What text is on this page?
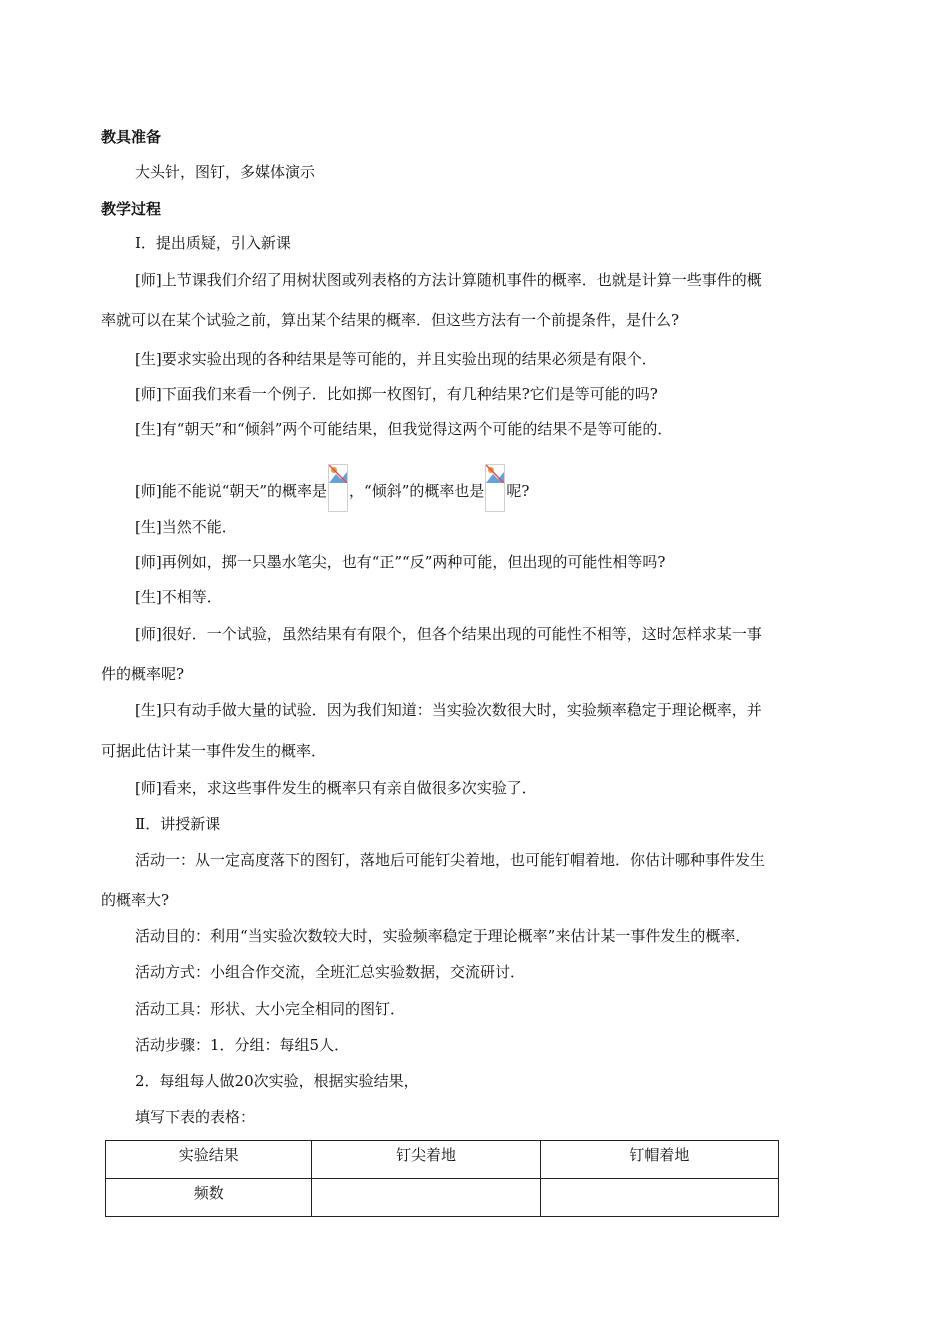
教具准备
大头针，图钉，多媒体演示
教学过程
Ⅰ．提出质疑，引入新课
[师]上节课我们介绍了用树状图或列表格的方法计算随机事件的概率．也就是计算一些事件的概
率就可以在某个试验之前，算出某个结果的概率．但这些方法有一个前提条件，是什么?
[生]要求实验出现的各种结果是等可能的，并且实验出现的结果必须是有限个．
[师]下面我们来看一个例子．比如掷一枚图钉，有几种结果?它们是等可能的吗?
[生]有“朝天”和“倾斜”两个可能结果，但我觉得这两个可能的结果不是等可能的．
[师]能不能说“朝天”的概率是 ，“倾斜”的概率也是 呢?
[生]当然不能．
[师]再例如，掷一只墨水笔尖，也有“正”“反”两种可能，但出现的可能性相等吗?
[生]不相等．
[师]很好．一个试验，虽然结果有有限个，但各个结果出现的可能性不相等，这时怎样求某一事
件的概率呢?
[生]只有动手做大量的试验．因为我们知道：当实验次数很大时，实验频率稳定于理论概率，并
可据此估计某一事件发生的概率．
[师]看来，求这些事件发生的概率只有亲自做很多次实验了．
Ⅱ．讲授新课
活动一：从一定高度落下的图钉，落地后可能钉尖着地，也可能钉帽着地．你估计哪种事件发生
的概率大?
活动目的：利用“当实验次数较大时，实验频率稳定于理论概率”来估计某一事件发生的概率．
活动方式：小组合作交流，全班汇总实验数据，交流研讨．
活动工具：形状、大小完全相同的图钉．
活动步骤：1．分组：每组5人．
2．每组每人做20次实验，根据实验结果，
填写下表的表格：
实验结果	钉尖着地	钉帽着地
频数		
